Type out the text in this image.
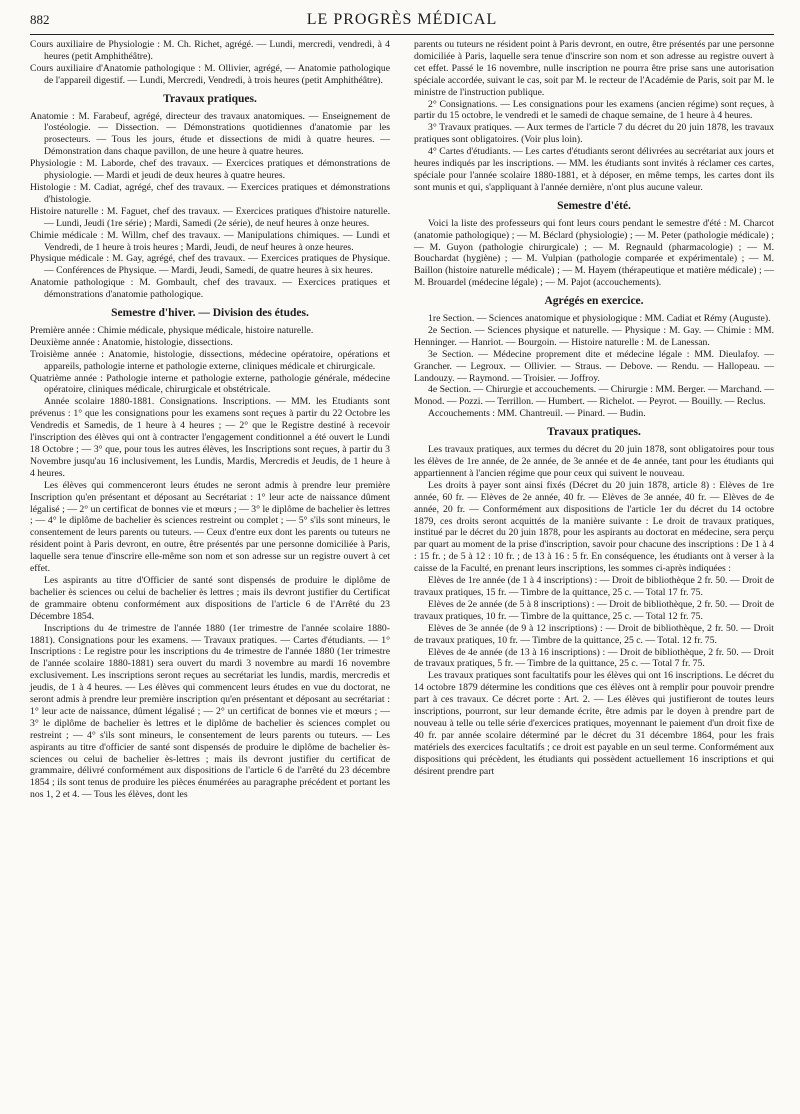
882	LE PROGRÈS MÉDICAL

Cours auxiliaire de Physiologie : M. Ch. Richet, agrégé. — Lundi, mercredi, vendredi, à 4 heures (petit Amphithéâtre).

Cours auxiliaire d'Anatomie pathologique : M. Ollivier, agrégé, — Anatomie pathologique de l'appareil digestif. — Lundi, Mercredi, Vendredi, à trois heures (petit Amphithéâtre).

Travaux pratiques.

Anatomie : M. Farabeuf, agrégé, directeur des travaux anatomiques. — Enseignement de l'ostéologie. — Dissection. — Démonstrations quotidiennes d'anatomie par les prosecteurs. — Tous les jours, étude et dissections de midi à quatre heures. — Démonstration dans chaque pavillon, de une heure à quatre heures.

Physiologie : M. Laborde, chef des travaux. — Exercices pratiques et démonstrations de physiologie. — Mardi et jeudi de deux heures à quatre heures.

Histologie : M. Cadiat, agrégé, chef des travaux. — Exercices pratiques et démonstrations d'histologie.

Histoire naturelle : M. Faguet, chef des travaux. — Exercices pratiques d'histoire naturelle. — Lundi, Jeudi (1re série) ; Mardi, Samedi (2e série), de neuf heures à onze heures.

Chimie médicale : M. Willm, chef des travaux. — Manipulations chimiques. — Lundi et Vendredi, de 1 heure à trois heures ; Mardi, Jeudi, de neuf heures à onze heures.

Physique médicale : M. Gay, agrégé, chef des travaux. — Exercices pratiques de Physique. — Conférences de Physique. — Mardi, Jeudi, Samedi, de quatre heures à six heures.

Anatomie pathologique : M. Gombault, chef des travaux. — Exercices pratiques et démonstrations d'anatomie pathologique.

Semestre d'hiver. — Division des études.

Première année : Chimie médicale, physique médicale, histoire naturelle.

Deuxième année : Anatomie, histologie, dissections.

Troisième année : Anatomie, histologie, dissections, médecine opératoire, opérations et appareils, pathologie interne et pathologie externe, cliniques médicale et chirurgicale.

Quatrième année : Pathologie interne et pathologie externe, pathologie générale, médecine opératoire, cliniques médicale, chirurgicale et obstétricale.

Année scolaire 1880-1881. Consignations. Inscriptions. — MM. les Etudiants sont prévenus : 1° que les consignations pour les examens sont reçues à partir du 22 Octobre les Vendredis et Samedis, de 1 heure à 4 heures ; — 2° que le Registre destiné à recevoir l'inscription des élèves qui ont à contracter l'engagement conditionnel a été ouvert le Lundi 18 Octobre ; — 3° que, pour tous les autres élèves, les Inscriptions sont reçues, à partir du 3 Novembre jusqu'au 16 inclusivement, les Lundis, Mardis, Mercredis et Jeudis, de 1 heure à 4 heures.

Les élèves qui commenceront leurs études ne seront admis à prendre leur première Inscription qu'en présentant et déposant au Secrétariat : 1° leur acte de naissance dûment légalisé ; — 2° un certificat de bonnes vie et mœurs ; — 3° le diplôme de bachelier ès lettres ; — 4° le diplôme de bachelier ès sciences restreint ou complet ; — 5° s'ils sont mineurs, le consentement de leurs parents ou tuteurs. — Ceux d'entre eux dont les parents ou tuteurs ne résident point à Paris devront, en outre, être présentés par une personne domiciliée à Paris, laquelle sera tenue d'inscrire elle-même son nom et son adresse sur un registre ouvert à cet effet.

Les aspirants au titre d'Officier de santé sont dispensés de produire le diplôme de bachelier ès sciences ou celui de bachelier ès lettres ; mais ils devront justifier du Certificat de grammaire obtenu conformément aux dispositions de l'article 6 de l'Arrêté du 23 Décembre 1854.

Inscriptions du 4e trimestre de l'année 1880 (1er trimestre de l'année scolaire 1880-1881). Consignations pour les examens. — Travaux pratiques. — Cartes d'étudiants. — 1° Inscriptions : Le registre pour les inscriptions du 4e trimestre de l'année 1880 (1er trimestre de l'année scolaire 1880-1881) sera ouvert du mardi 3 novembre au mardi 16 novembre exclusivement. Les inscriptions seront reçues au secrétariat les lundis, mardis, mercredis et jeudis, de 1 à 4 heures. — Les élèves qui commencent leurs études en vue du doctorat, ne seront admis à prendre leur première inscription qu'en présentant et déposant au secrétariat : 1° leur acte de naissance, dûment légalisé ; — 2° un certificat de bonnes vie et mœurs ; — 3° le diplôme de bachelier ès lettres et le diplôme de bachelier ès sciences complet ou restreint ; — 4° s'ils sont mineurs, le consentement de leurs parents ou tuteurs. — Les aspirants au titre d'officier de santé sont dispensés de produire le diplôme de bachelier ès-sciences ou celui de bachelier ès-lettres ; mais ils devront justifier du certificat de grammaire, délivré conformément aux dispositions de l'article 6 de l'arrêté du 23 décembre 1854 ; ils sont tenus de produire les pièces énumérées au paragraphe précédent et portant les nos 1, 2 et 4. — Tous les élèves, dont les

parents ou tuteurs ne résident point à Paris devront, en outre, être présentés par une personne domiciliée à Paris, laquelle sera tenue d'inscrire son nom et son adresse au registre ouvert à cet effet. Passé le 16 novembre, nulle inscription ne pourra être prise sans une autorisation spéciale accordée, suivant le cas, soit par M. le recteur de l'Académie de Paris, soit par M. le ministre de l'instruction publique.

2° Consignations. — Les consignations pour les examens (ancien régime) sont reçues, à partir du 15 octobre, le vendredi et le samedi de chaque semaine, de 1 heure à 4 heures.

3° Travaux pratiques. — Aux termes de l'article 7 du décret du 20 juin 1878, les travaux pratiques sont obligatoires. (Voir plus loin).

4° Cartes d'étudiants. — Les cartes d'étudiants seront délivrées au secrétariat aux jours et heures indiqués par les inscriptions. — MM. les étudiants sont invités à réclamer ces cartes, spéciale pour l'année scolaire 1880-1881, et à déposer, en même temps, les cartes dont ils sont munis et qui, s'appliquant à l'année dernière, n'ont plus aucune valeur.

Semestre d'été.

Voici la liste des professeurs qui font leurs cours pendant le semestre d'été : M. Charcot (anatomie pathologique) ; — M. Béclard (physiologie) ; — M. Peter (pathologie médicale) ; — M. Guyon (pathologie chirurgicale) ; — M. Regnauld (pharmacologie) ; — M. Bouchardat (hygiène) ; — M. Vulpian (pathologie comparée et expérimentale) ; — M. Baillon (histoire naturelle médicale) ; — M. Hayem (thérapeutique et matière médicale) ; — M. Brouardel (médecine légale) ; — M. Pajot (accouchements).

Agrégés en exercice.

1re Section. — Sciences anatomique et physiologique : MM. Cadiat et Rémy (Auguste).

2e Section. — Sciences physique et naturelle. — Physique : M. Gay. — Chimie : MM. Henninger. — Hanriot. — Bourgoin. — Histoire naturelle : M. de Lanessan.

3e Section. — Médecine proprement dite et médecine légale : MM. Dieulafoy. — Grancher. — Legroux. — Ollivier. — Straus. — Debove. — Rendu. — Hallopeau. — Landouzy. — Raymond. — Troisier. — Joffroy.

4e Section. — Chirurgie et accouchements. — Chirurgie : MM. Berger. — Marchand. — Monod. — Pozzi. — Terrillon. — Humbert. — Richelot. — Peyrot. — Bouilly. — Reclus.

Accouchements : MM. Chantreuil. — Pinard. — Budin.

Travaux pratiques.

Les travaux pratiques, aux termes du décret du 20 juin 1878, sont obligatoires pour tous les élèves de 1re année, de 2e année, de 3e année et de 4e année, tant pour les étudiants qui appartiennent à l'ancien régime que pour ceux qui suivent le nouveau.

Les droits à payer sont ainsi fixés (Décret du 20 juin 1878, article 8) : Elèves de 1re année, 60 fr. — Elèves de 2e année, 40 fr. — Elèves de 3e année, 40 fr. — Elèves de 4e année, 20 fr. — Conformément aux dispositions de l'article 1er du décret du 14 octobre 1879, ces droits seront acquittés de la manière suivante : Le droit de travaux pratiques, institué par le décret du 20 juin 1878, pour les aspirants au doctorat en médecine, sera perçu par quart au moment de la prise d'inscription, savoir pour chacune des inscriptions : De 1 à 4 : 15 fr. ; de 5 à 12 : 10 fr. ; de 13 à 16 : 5 fr. En conséquence, les étudiants ont à verser à la caisse de la Faculté, en prenant leurs inscriptions, les sommes ci-après indiquées :

Elèves de 1re année (de 1 à 4 inscriptions) : — Droit de bibliothèque 2 fr. 50. — Droit de travaux pratiques, 15 fr. — Timbre de la quittance, 25 c. — Total 17 fr. 75.

Elèves de 2e année (de 5 à 8 inscriptions) : — Droit de bibliothèque, 2 fr. 50. — Droit de travaux pratiques, 10 fr. — Timbre de la quittance, 25 c. — Total 12 fr. 75.

Elèves de 3e année (de 9 à 12 inscriptions) : — Droit de bibliothèque, 2 fr. 50. — Droit de travaux pratiques, 10 fr. — Timbre de la quittance, 25 c. — Total. 12 fr. 75.

Elèves de 4e année (de 13 à 16 inscriptions) : — Droit de bibliothèque, 2 fr. 50. — Droit de travaux pratiques, 5 fr. — Timbre de la quittance, 25 c. — Total 7 fr. 75.

Les travaux pratiques sont facultatifs pour les élèves qui ont 16 inscriptions. Le décret du 14 octobre 1879 détermine les conditions que ces élèves ont à remplir pour pouvoir prendre part à ces travaux. Ce décret porte : Art. 2. — Les élèves qui justifieront de toutes leurs inscriptions, pourront, sur leur demande écrite, être admis par le doyen à prendre part de nouveau à telle ou telle série d'exercices pratiques, moyennant le paiement d'un droit fixe de 40 fr. par année scolaire déterminé par le décret du 31 décembre 1864, pour les frais matériels des exercices facultatifs ; ce droit est payable en un seul terme. Conformément aux dispositions qui précèdent, les étudiants qui possèdent actuellement 16 inscriptions et qui désirent prendre part
